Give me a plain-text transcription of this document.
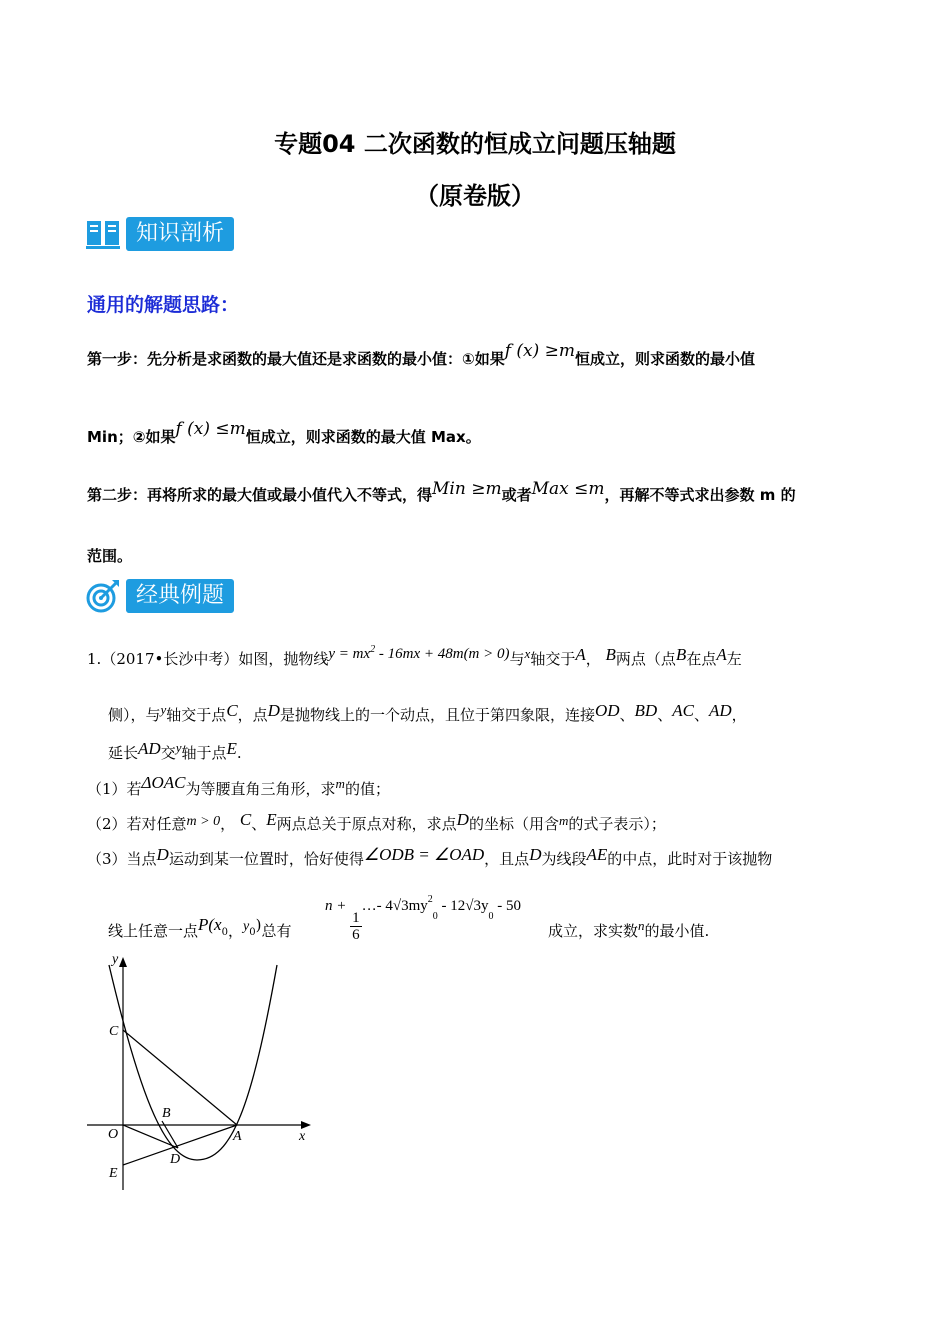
专题04 二次函数的恒成立问题压轴题
（原卷版）
知识剖析
通用的解题思路：
第一步：先分析是求函数的最大值还是求函数的最小值：①如果f (x) ≥m恒成立，则求函数的最小值
Min；②如果f (x) ≤m恒成立，则求函数的最大值 Max。
第二步：再将所求的最大值或最小值代入不等式，得Min ≥m或者Max ≤m，再解不等式求出参数 m 的
范围。
经典例题
1.（2017•长沙中考）如图，抛物线$y = mx^2 - 16mx + 48m(m > 0)$与x轴交于A， B两点（点B在点A左
侧），与y轴交于点C，点D是抛物线上的一个动点，且位于第四象限，连接OD、BD、AC、AD，
延长AD交y轴于点E.
（1）若ΔOAC为等腰直角三角形，求m的值；
（2）若对任意m > 0， C、E两点总关于原点对称，求点D的坐标（用含m的式子表示）；
（3）当点D运动到某一位置时，恰好使得∠ODB = ∠OAD，且点D为线段AE的中点，此时对于该抛物
线上任意一点$P(x_0$，$y_0$)总有
n +
$\frac{1}{6}$
…- $4√3my^{20} - 12√3y^0 - 50$
成立，求实数n的最小值.
y
x
C
B
O	A
D
E
